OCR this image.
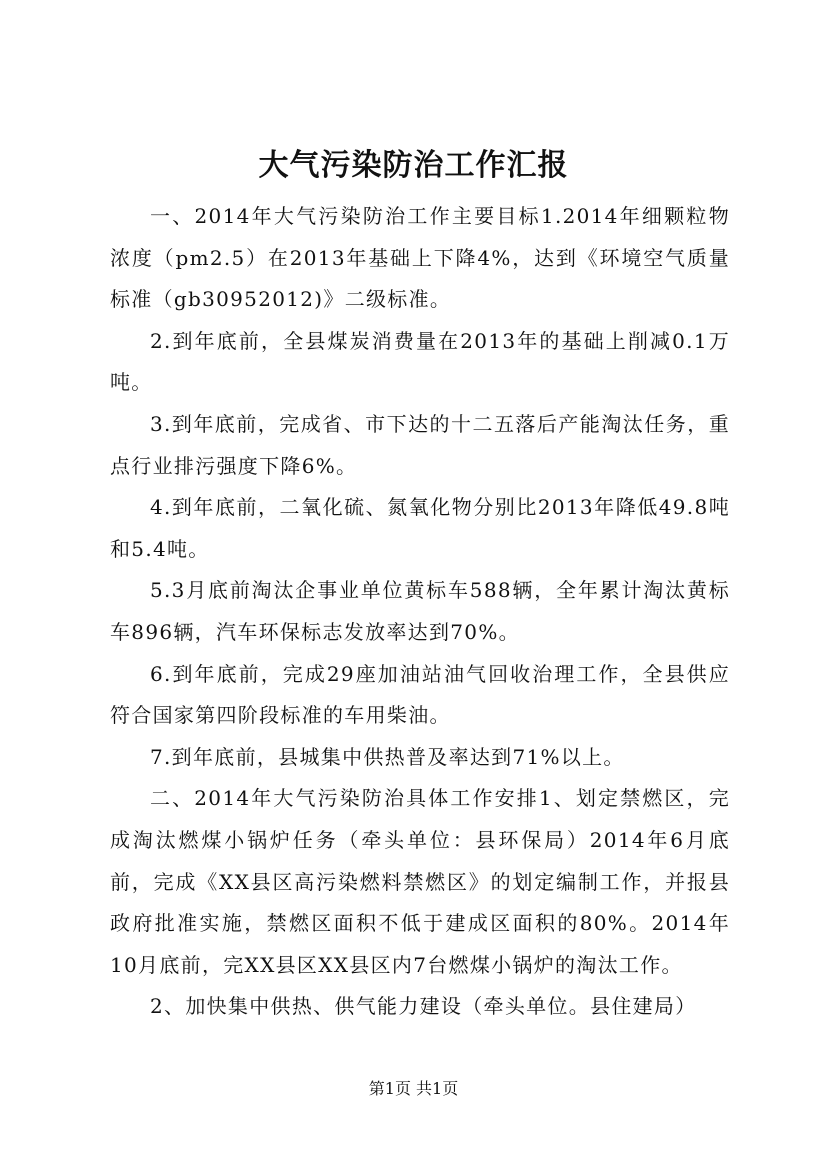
大气污染防治工作汇报

一、2014年大气污染防治工作主要目标1.2014年细颗粒物浓度（pm2.5）在2013年基础上下降4%，达到《环境空气质量标准（gb30952012)》二级标准。

2.到年底前，全县煤炭消费量在2013年的基础上削减0.1万吨。

3.到年底前，完成省、市下达的十二五落后产能淘汰任务，重点行业排污强度下降6%。

4.到年底前，二氧化硫、氮氧化物分别比2013年降低49.8吨和5.4吨。

5.3月底前淘汰企事业单位黄标车588辆，全年累计淘汰黄标车896辆，汽车环保标志发放率达到70%。

6.到年底前，完成29座加油站油气回收治理工作，全县供应符合国家第四阶段标准的车用柴油。

7.到年底前，县城集中供热普及率达到71%以上。

二、2014年大气污染防治具体工作安排1、划定禁燃区，完成淘汰燃煤小锅炉任务（牵头单位：县环保局）2014年6月底前，完成《XX县区高污染燃料禁燃区》的划定编制工作，并报县政府批准实施，禁燃区面积不低于建成区面积的80%。2014年10月底前，完XX县区XX县区内7台燃煤小锅炉的淘汰工作。

2、加快集中供热、供气能力建设（牵头单位。县住建局）

第1页 共1页
